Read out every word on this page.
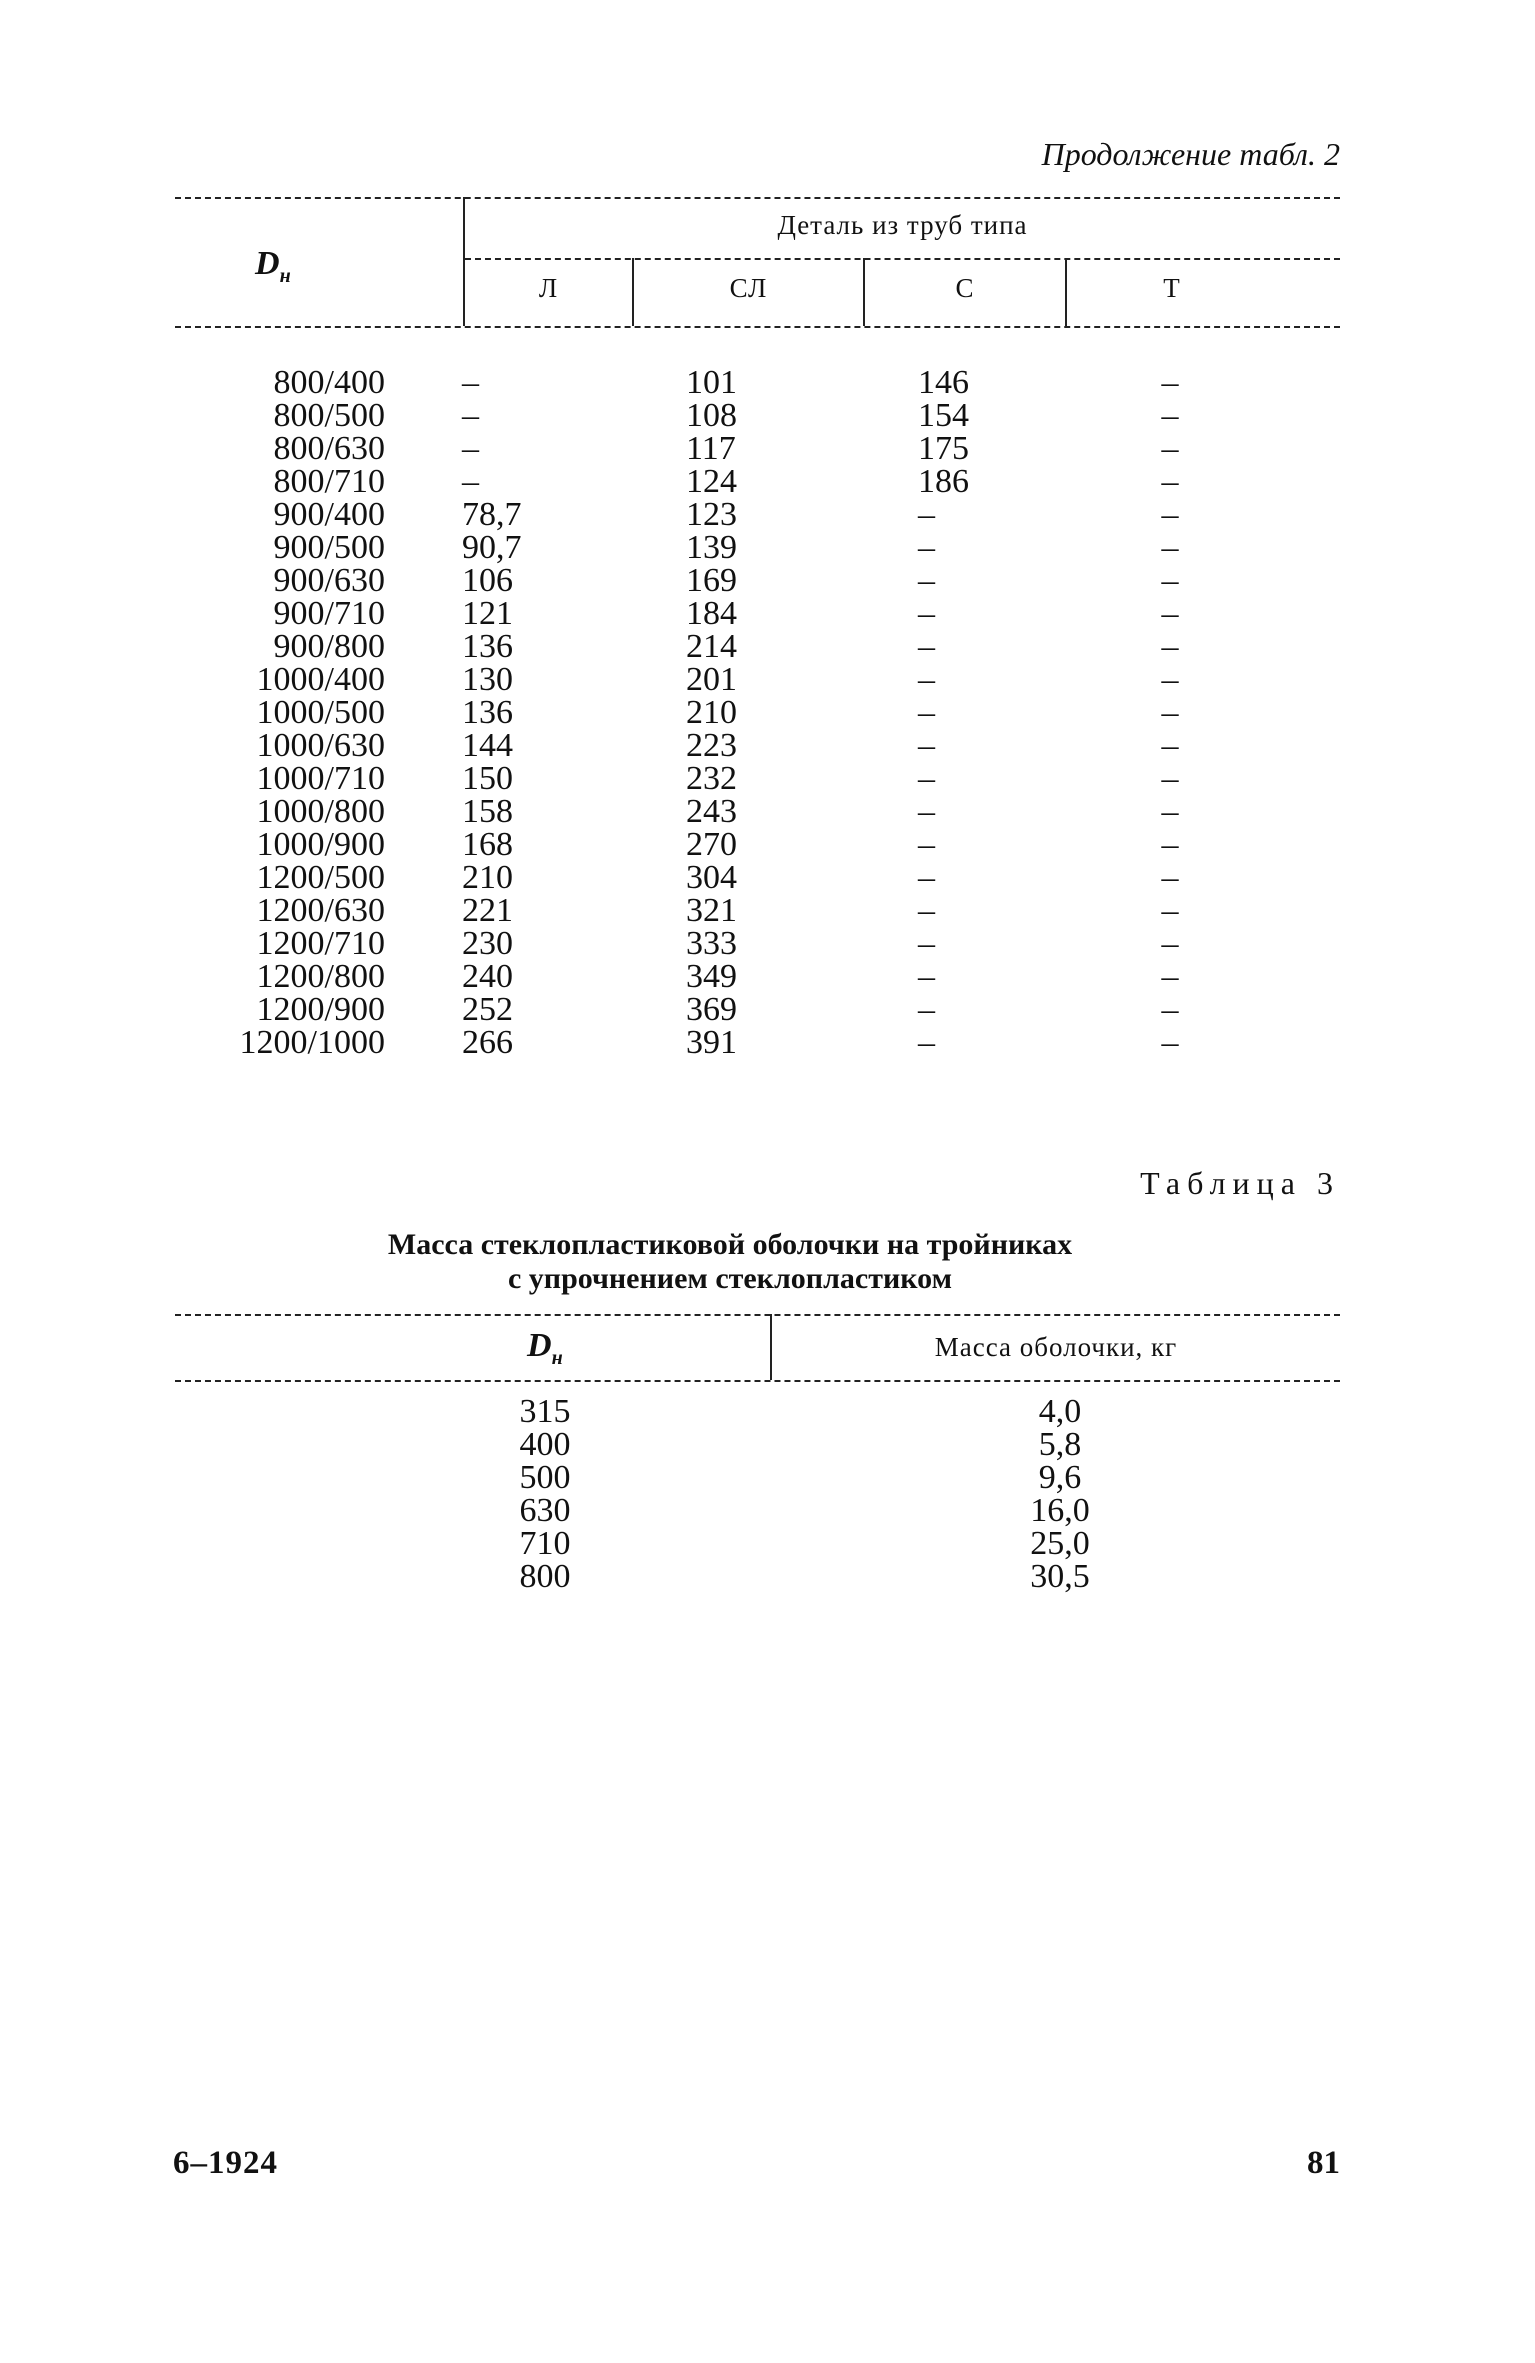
Продолжение табл. 2
$D_н$
Деталь из труб типа
Л	СЛ	С	Т
800/400 –	101	146	–
800/500 –	108	154	–
800/630 –	117	175	–
800/710 –	124	186	–
900/400 78,7	123	–	–
900/500 90,7	139	–	–
900/630 106	169	–	–
900/710 121	184	–	–
900/800 136	214	–	–
1000/400 130	201	–	–
1000/500 136	210	–	–
1000/630 144	223	–	–
1000/710 150	232	–	–
1000/800 158	243	–	–
1000/900 168	270	–	–
1200/500 210	304	–	–
1200/630 221	321	–	–
1200/710 230	333	–	–
1200/800 240	349	–	–
1200/900 252	369	–	–
1200/1000 266	391	–	–
Таблица 3
Масса стеклопластиковой оболочки на тройниках
с упрочнением стеклопластиком
$D_н$	Масса оболочки, кг
315	4,0
400	5,8
500	9,6
630	16,0
710	25,0
800	30,5
6–1924	81
